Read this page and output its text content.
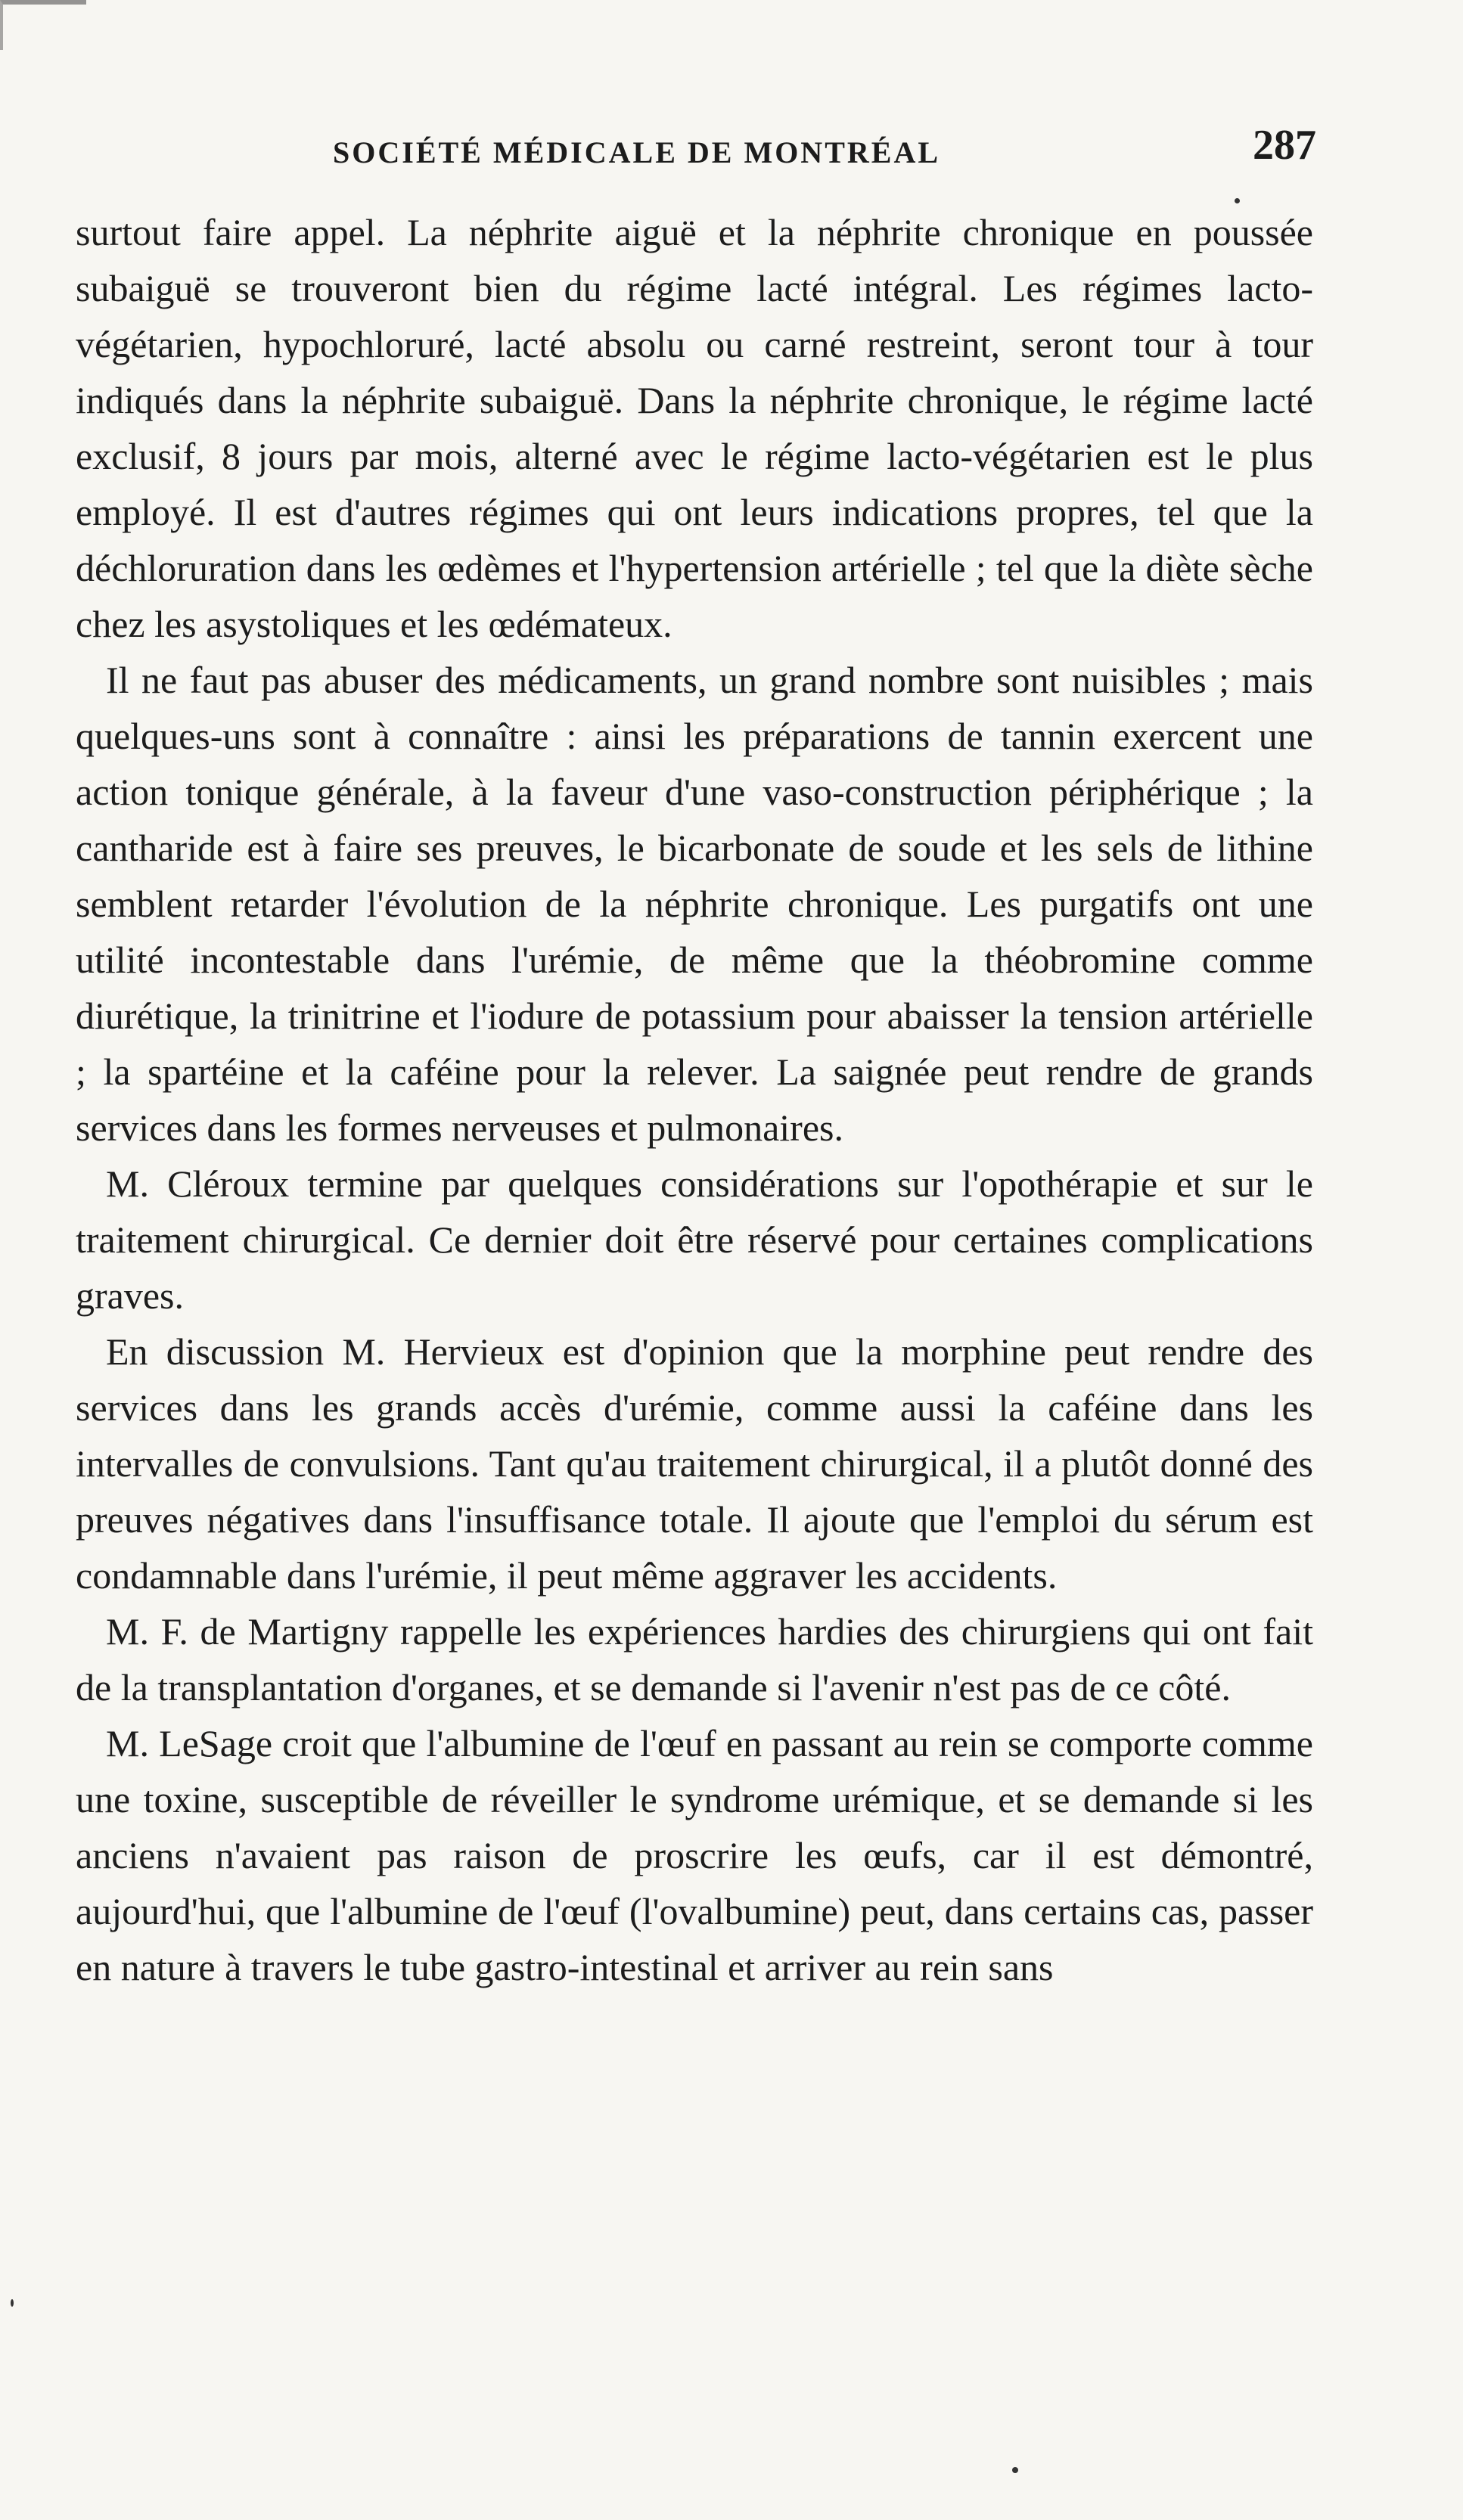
SOCIÉTÉ MÉDICALE DE MONTRÉAL	287

surtout faire appel. La néphrite aiguë et la néphrite chronique en poussée subaiguë se trouveront bien du régime lacté intégral. Les régimes lacto-végétarien, hypochloruré, lacté absolu ou carné restreint, seront tour à tour indiqués dans la néphrite subaiguë. Dans la néphrite chronique, le régime lacté exclusif, 8 jours par mois, alterné avec le régime lacto-végétarien est le plus employé. Il est d'autres régimes qui ont leurs indications propres, tel que la déchloruration dans les œdèmes et l'hypertension artérielle ; tel que la diète sèche chez les asystoliques et les œdémateux.

Il ne faut pas abuser des médicaments, un grand nombre sont nuisibles ; mais quelques-uns sont à connaître : ainsi les préparations de tannin exercent une action tonique générale, à la faveur d'une vaso-construction périphérique ; la cantharide est à faire ses preuves, le bicarbonate de soude et les sels de lithine semblent retarder l'évolution de la néphrite chronique. Les purgatifs ont une utilité incontestable dans l'urémie, de même que la théobromine comme diurétique, la trinitrine et l'iodure de potassium pour abaisser la tension artérielle ; la spartéine et la caféine pour la relever. La saignée peut rendre de grands services dans les formes nerveuses et pulmonaires.

M. Cléroux termine par quelques considérations sur l'opothérapie et sur le traitement chirurgical. Ce dernier doit être réservé pour certaines complications graves.

En discussion M. Hervieux est d'opinion que la morphine peut rendre des services dans les grands accès d'urémie, comme aussi la caféine dans les intervalles de convulsions. Tant qu'au traitement chirurgical, il a plutôt donné des preuves négatives dans l'insuffisance totale. Il ajoute que l'emploi du sérum est condamnable dans l'urémie, il peut même aggraver les accidents.

M. F. de Martigny rappelle les expériences hardies des chirurgiens qui ont fait de la transplantation d'organes, et se demande si l'avenir n'est pas de ce côté.

M. LeSage croit que l'albumine de l'œuf en passant au rein se comporte comme une toxine, susceptible de réveiller le syndrome urémique, et se demande si les anciens n'avaient pas raison de proscrire les œufs, car il est démontré, aujourd'hui, que l'albumine de l'œuf (l'ovalbumine) peut, dans certains cas, passer en nature à travers le tube gastro-intestinal et arriver au rein sans
